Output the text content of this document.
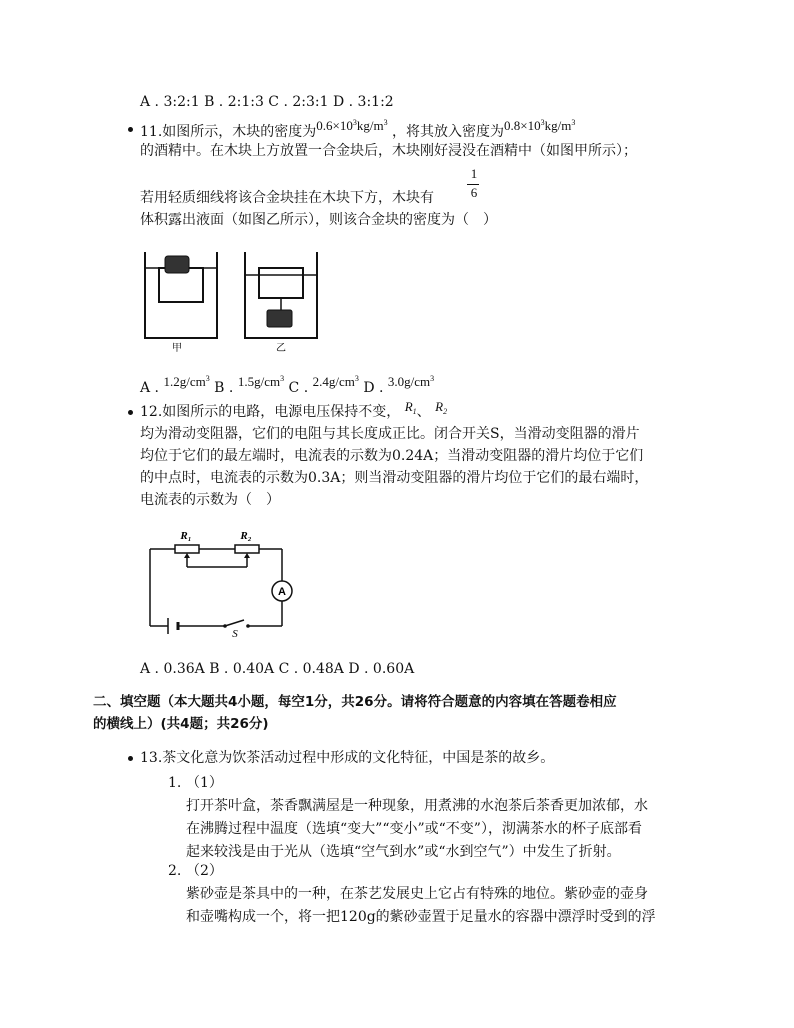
A . 3:2:1 B . 2:1:3 C . 2:3:1 D . 3:1:2
11.如图所示，木块的密度为$0.6\times 10^3kg/m^3$ ，将其放入密度为$0.8\times 10^3kg/m^3$
的酒精中。在木块上方放置一合金块后，木块刚好浸没在酒精中（如图甲所示）；
若用轻质细线将该合金块挂在木块下方，木块有
1
6
体积露出液面（如图乙所示），则该合金块的密度为（　）
甲	乙
A . $1.2g/cm^3$ B . $1.5g/cm^3$ C . $2.4g/cm^3$ D . $3.0g/cm^3$
12.如图所示的电路，电源电压保持不变， $R_1$、 $R_2$
均为滑动变阻器，它们的电阻与其长度成正比。闭合开关S，当滑动变阻器的滑片
均位于它们的最左端时，电流表的示数为0.24A；当滑动变阻器的滑片均位于它们
的中点时，电流表的示数为0.3A；则当滑动变阻器的滑片均位于它们的最右端时，
电流表的示数为（　）
R₁	R₂
A
S
A . 0.36A B . 0.40A C . 0.48A D . 0.60A
二、填空题（本大题共4小题，每空1分，共26分。请将符合题意的内容填在答题卷相应
的横线上）(共4题；共26分)
13.茶文化意为饮茶活动过程中形成的文化特征，中国是茶的故乡。
1. （1）
打开茶叶盒，茶香飘满屋是一种现象，用煮沸的水泡茶后茶香更加浓郁，水
在沸腾过程中温度（选填“变大”“变小”或“不变”），沏满茶水的杯子底部看
起来较浅是由于光从（选填“空气到水”或“水到空气”）中发生了折射。
2. （2）
紫砂壶是茶具中的一种，在茶艺发展史上它占有特殊的地位。紫砂壶的壶身
和壶嘴构成一个，将一把120g的紫砂壶置于足量水的容器中漂浮时受到的浮
